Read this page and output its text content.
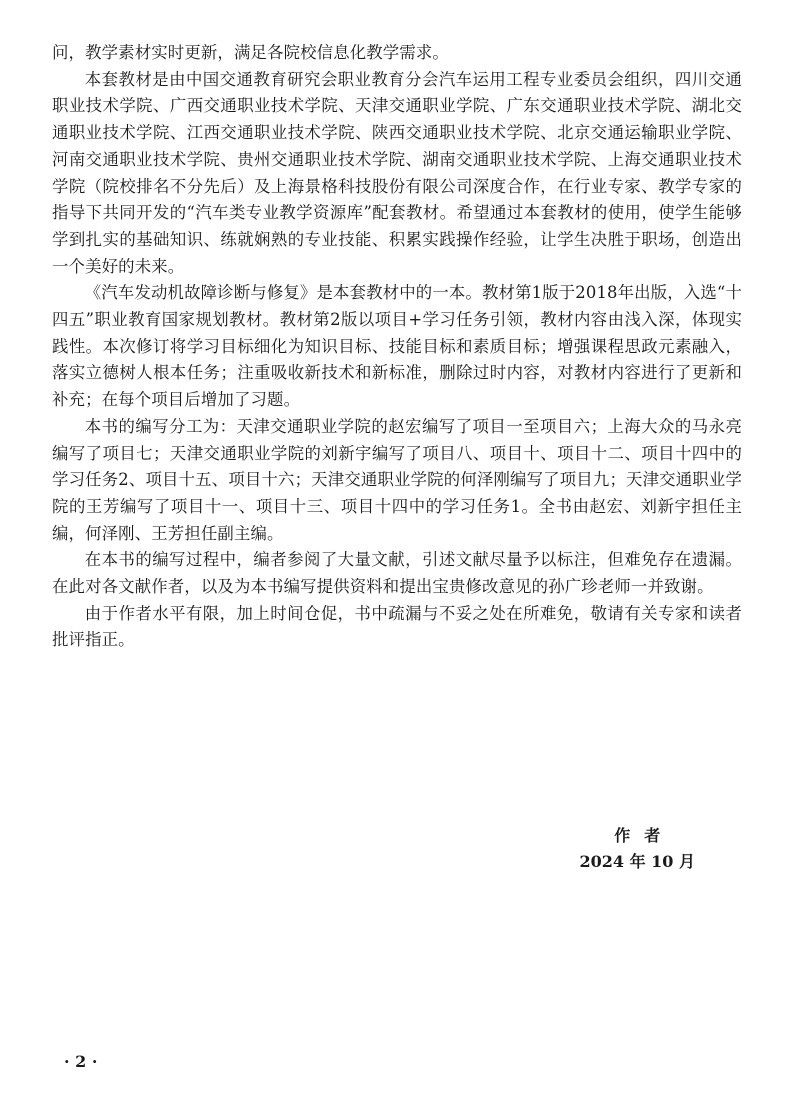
问，教学素材实时更新，满足各院校信息化教学需求。

本套教材是由中国交通教育研究会职业教育分会汽车运用工程专业委员会组织，四川交通职业技术学院、广西交通职业技术学院、天津交通职业学院、广东交通职业技术学院、湖北交通职业技术学院、江西交通职业技术学院、陕西交通职业技术学院、北京交通运输职业学院、河南交通职业技术学院、贵州交通职业技术学院、湖南交通职业技术学院、上海交通职业技术学院（院校排名不分先后）及上海景格科技股份有限公司深度合作，在行业专家、教学专家的指导下共同开发的“汽车类专业教学资源库”配套教材。希望通过本套教材的使用，使学生能够学到扎实的基础知识、练就娴熟的专业技能、积累实践操作经验，让学生决胜于职场，创造出一个美好的未来。

《汽车发动机故障诊断与修复》是本套教材中的一本。教材第1版于2018年出版，入选“十四五”职业教育国家规划教材。教材第2版以项目+学习任务引领，教材内容由浅入深，体现实践性。本次修订将学习目标细化为知识目标、技能目标和素质目标；增强课程思政元素融入，落实立德树人根本任务；注重吸收新技术和新标准，删除过时内容，对教材内容进行了更新和补充；在每个项目后增加了习题。

本书的编写分工为：天津交通职业学院的赵宏编写了项目一至项目六；上海大众的马永亮编写了项目七；天津交通职业学院的刘新宇编写了项目八、项目十、项目十二、项目十四中的学习任务2、项目十五、项目十六；天津交通职业学院的何泽刚编写了项目九；天津交通职业学院的王芳编写了项目十一、项目十三、项目十四中的学习任务1。全书由赵宏、刘新宇担任主编，何泽刚、王芳担任副主编。

在本书的编写过程中，编者参阅了大量文献，引述文献尽量予以标注，但难免存在遗漏。在此对各文献作者，以及为本书编写提供资料和提出宝贵修改意见的孙广珍老师一并致谢。

由于作者水平有限，加上时间仓促，书中疏漏与不妥之处在所难免，敬请有关专家和读者批评指正。

作者
2024 年 10 月
· 2 ·
